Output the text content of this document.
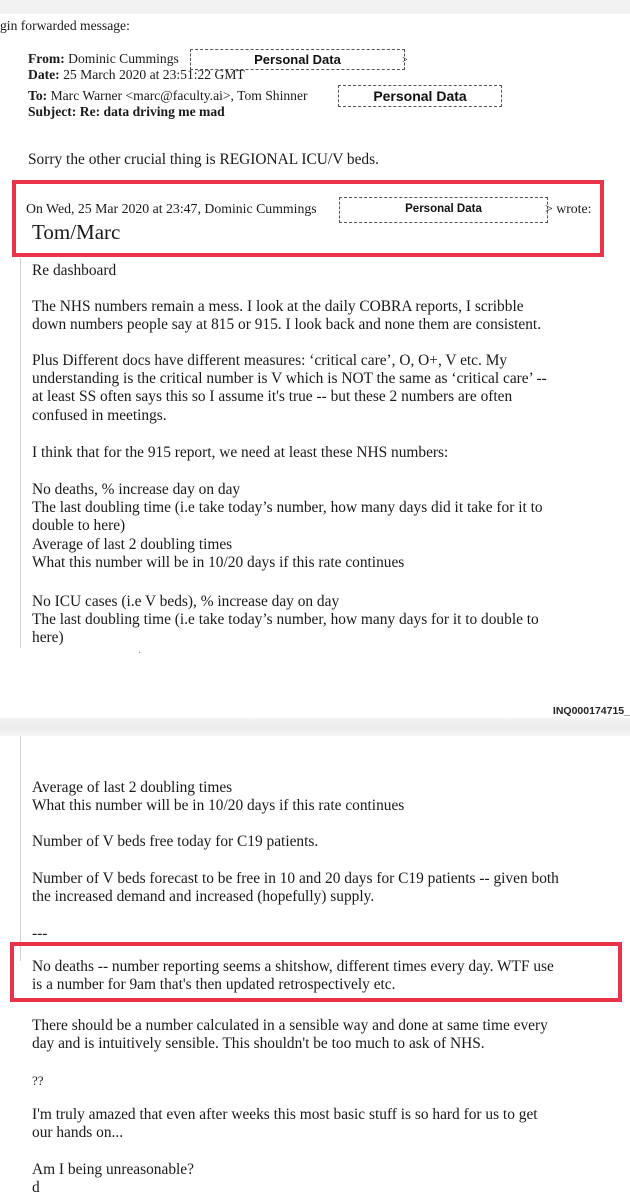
gin forwarded message:
From: Dominic Cummings	Personal Data	>
Date: 25 March 2020 at 23:51:22 GMT
To: Marc Warner <marc@faculty.ai>, Tom Shinner	Personal Data
Subject: Re: data driving me mad
Sorry the other crucial thing is REGIONAL ICU/V beds.
On Wed, 25 Mar 2020 at 23:47, Dominic Cummings	Personal Data	> wrote:
Tom/Marc
Re dashboard
The NHS numbers remain a mess. I look at the daily COBRA reports, I scribble
down numbers people say at 815 or 915. I look back and none them are consistent.
Plus Different docs have different measures: ‘critical care’, O, O+, V etc. My
understanding is the critical number is V which is NOT the same as ‘critical care’ --
at least SS often says this so I assume it's true -- but these 2 numbers are often
confused in meetings.
I think that for the 915 report, we need at least these NHS numbers:
No deaths, % increase day on day
The last doubling time (i.e take today’s number, how many days did it take for it to
double to here)
Average of last 2 doubling times
What this number will be in 10/20 days if this rate continues
No ICU cases (i.e V beds), % increase day on day
The last doubling time (i.e take today’s number, how many days for it to double to
here)
·
INQ000174715_
Average of last 2 doubling times
What this number will be in 10/20 days if this rate continues
Number of V beds free today for C19 patients.
Number of V beds forecast to be free in 10 and 20 days for C19 patients -- given both
the increased demand and increased (hopefully) supply.
---
No deaths -- number reporting seems a shitshow, different times every day. WTF use
is a number for 9am that's then updated retrospectively etc.
There should be a number calculated in a sensible way and done at same time every
day and is intuitively sensible. This shouldn't be too much to ask of NHS.
??
I'm truly amazed that even after weeks this most basic stuff is so hard for us to get
our hands on...
Am I being unreasonable?
d
